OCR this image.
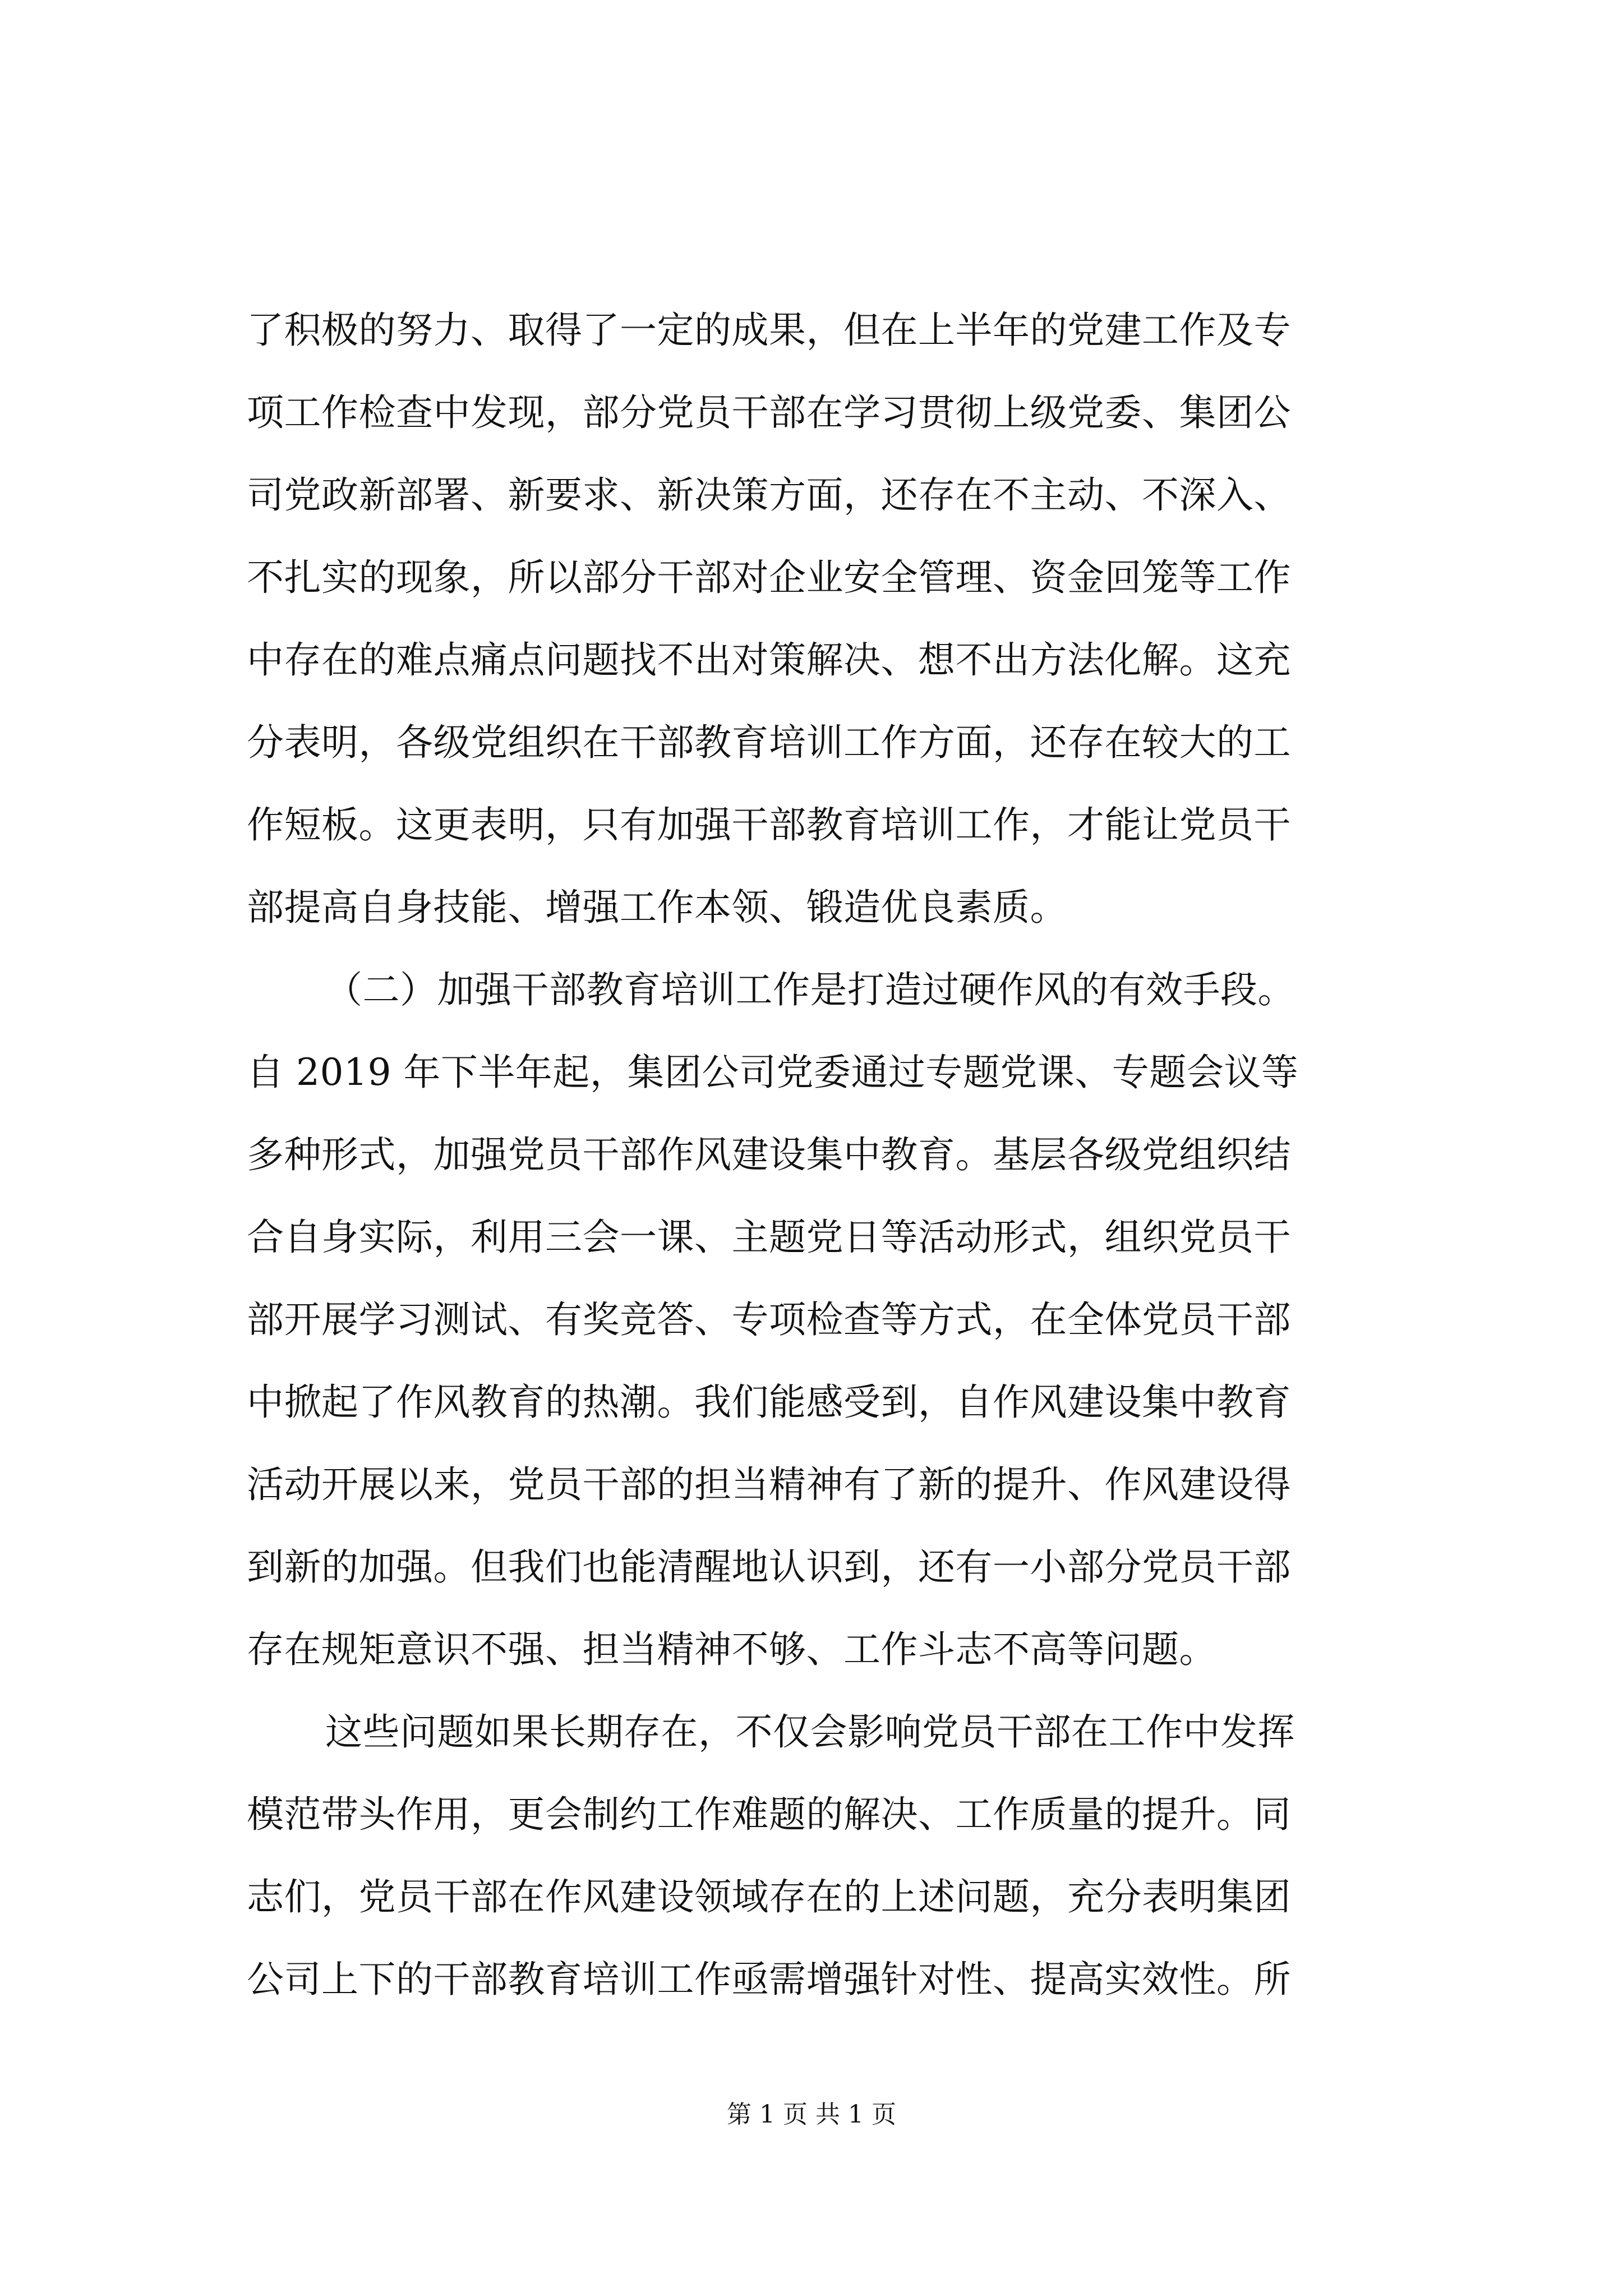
了积极的努力、取得了一定的成果，但在上半年的党建工作及专
项工作检查中发现，部分党员干部在学习贯彻上级党委、集团公
司党政新部署、新要求、新决策方面，还存在不主动、不深入、
不扎实的现象，所以部分干部对企业安全管理、资金回笼等工作
中存在的难点痛点问题找不出对策解决、想不出方法化解。这充
分表明，各级党组织在干部教育培训工作方面，还存在较大的工
作短板。这更表明，只有加强干部教育培训工作，才能让党员干
部提高自身技能、增强工作本领、锻造优良素质。
（二）加强干部教育培训工作是打造过硬作风的有效手段。
自 2019 年下半年起，集团公司党委通过专题党课、专题会议等
多种形式，加强党员干部作风建设集中教育。基层各级党组织结
合自身实际，利用三会一课、主题党日等活动形式，组织党员干
部开展学习测试、有奖竞答、专项检查等方式，在全体党员干部
中掀起了作风教育的热潮。我们能感受到，自作风建设集中教育
活动开展以来，党员干部的担当精神有了新的提升、作风建设得
到新的加强。但我们也能清醒地认识到，还有一小部分党员干部
存在规矩意识不强、担当精神不够、工作斗志不高等问题。
这些问题如果长期存在，不仅会影响党员干部在工作中发挥
模范带头作用，更会制约工作难题的解决、工作质量的提升。同
志们，党员干部在作风建设领域存在的上述问题，充分表明集团
公司上下的干部教育培训工作亟需增强针对性、提高实效性。所
第 1 页 共 1 页
